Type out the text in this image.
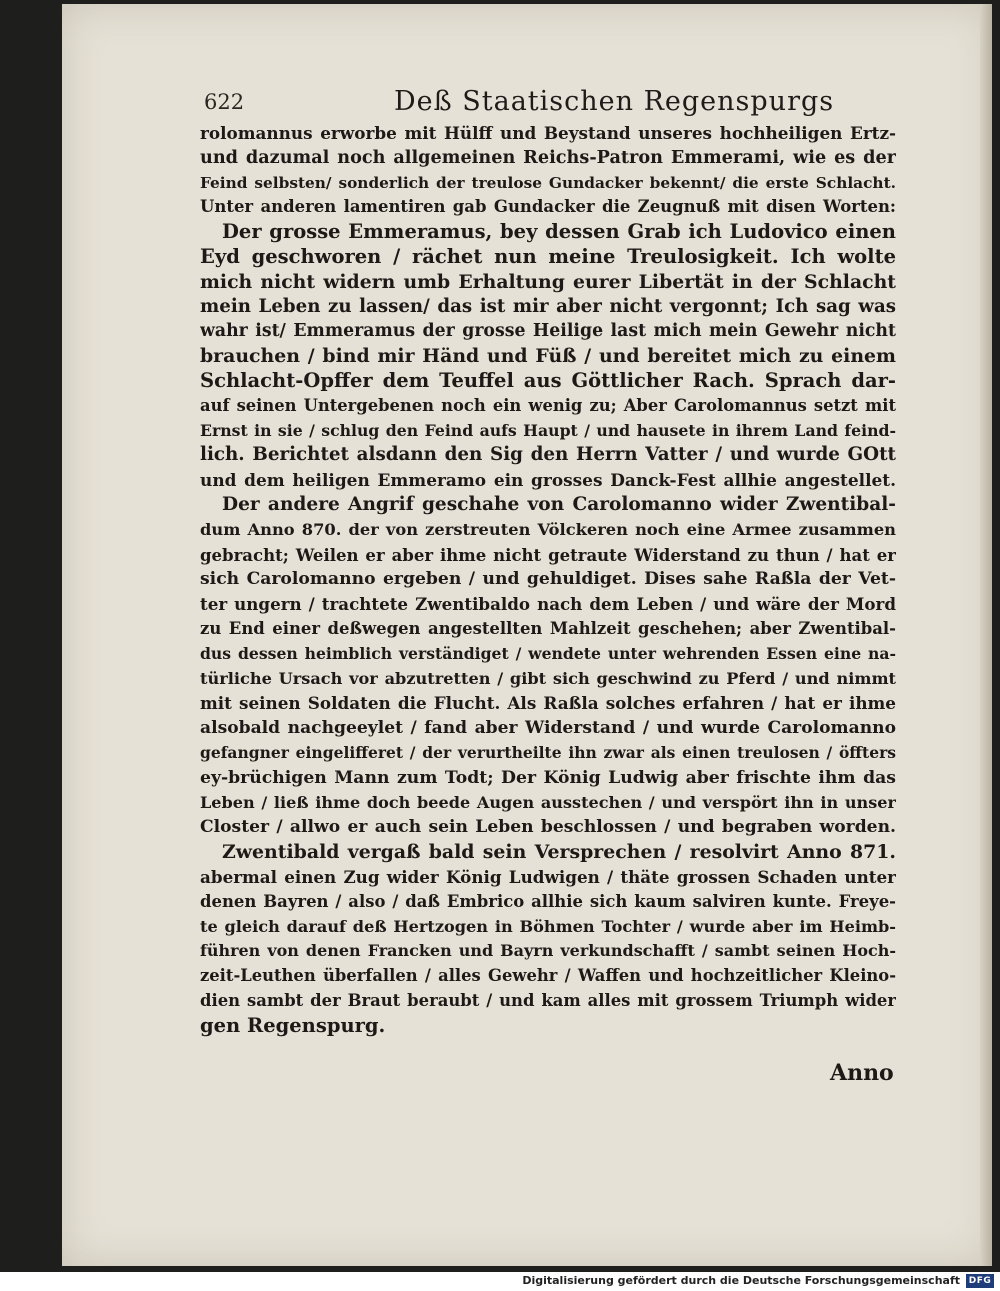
622	Deß Staatischen Regenspurgs
rolomannus erworbe mit Hülff und Beystand unseres hochheiligen Ertz-
und dazumal noch allgemeinen Reichs-Patron Emmerami, wie es der
Feind selbsten/ sonderlich der treulose Gundacker bekennt/ die erste Schlacht.
Unter anderen lamentiren gab Gundacker die Zeugnuß mit disen Worten:
Der grosse Emmeramus, bey dessen Grab ich Ludovico einen
Eyd geschworen / rächet nun meine Treulosigkeit. Ich wolte
mich nicht widern umb Erhaltung eurer Libertät in der Schlacht
mein Leben zu lassen/ das ist mir aber nicht vergonnt; Ich sag was
wahr ist/ Emmeramus der grosse Heilige last mich mein Gewehr nicht
brauchen / bind mir Händ und Füß / und bereitet mich zu einem
Schlacht-Opffer dem Teuffel aus Göttlicher Rach. Sprach dar-
auf seinen Untergebenen noch ein wenig zu; Aber Carolomannus setzt mit
Ernst in sie / schlug den Feind aufs Haupt / und hausete in ihrem Land feind-
lich. Berichtet alsdann den Sig den Herrn Vatter / und wurde GOtt
und dem heiligen Emmeramo ein grosses Danck-Fest allhie angestellet.
Der andere Angrif geschahe von Carolomanno wider Zwentibal-
dum Anno 870. der von zerstreuten Völckeren noch eine Armee zusammen
gebracht; Weilen er aber ihme nicht getraute Widerstand zu thun / hat er
sich Carolomanno ergeben / und gehuldiget. Dises sahe Raßla der Vet-
ter ungern / trachtete Zwentibaldo nach dem Leben / und wäre der Mord
zu End einer deßwegen angestellten Mahlzeit geschehen; aber Zwentibal-
dus dessen heimblich verständiget / wendete unter wehrenden Essen eine na-
türliche Ursach vor abzutretten / gibt sich geschwind zu Pferd / und nimmt
mit seinen Soldaten die Flucht. Als Raßla solches erfahren / hat er ihme
alsobald nachgeeylet / fand aber Widerstand / und wurde Carolomanno
gefangner eingelifferet / der verurtheilte ihn zwar als einen treulosen / öffters
ey-brüchigen Mann zum Todt; Der König Ludwig aber frischte ihm das
Leben / ließ ihme doch beede Augen ausstechen / und verspört ihn in unser
Closter / allwo er auch sein Leben beschlossen / und begraben worden.
Zwentibald vergaß bald sein Versprechen / resolvirt Anno 871.
abermal einen Zug wider König Ludwigen / thäte grossen Schaden unter
denen Bayren / also / daß Embrico allhie sich kaum salviren kunte. Freye-
te gleich darauf deß Hertzogen in Böhmen Tochter / wurde aber im Heimb-
führen von denen Francken und Bayrn verkundschafft / sambt seinen Hoch-
zeit-Leuthen überfallen / alles Gewehr / Waffen und hochzeitlicher Kleino-
dien sambt der Braut beraubt / und kam alles mit grossem Triumph wider
gen Regenspurg.
Anno
Digitalisierung gefördert durch die Deutsche Forschungsgemeinschaft DFG
